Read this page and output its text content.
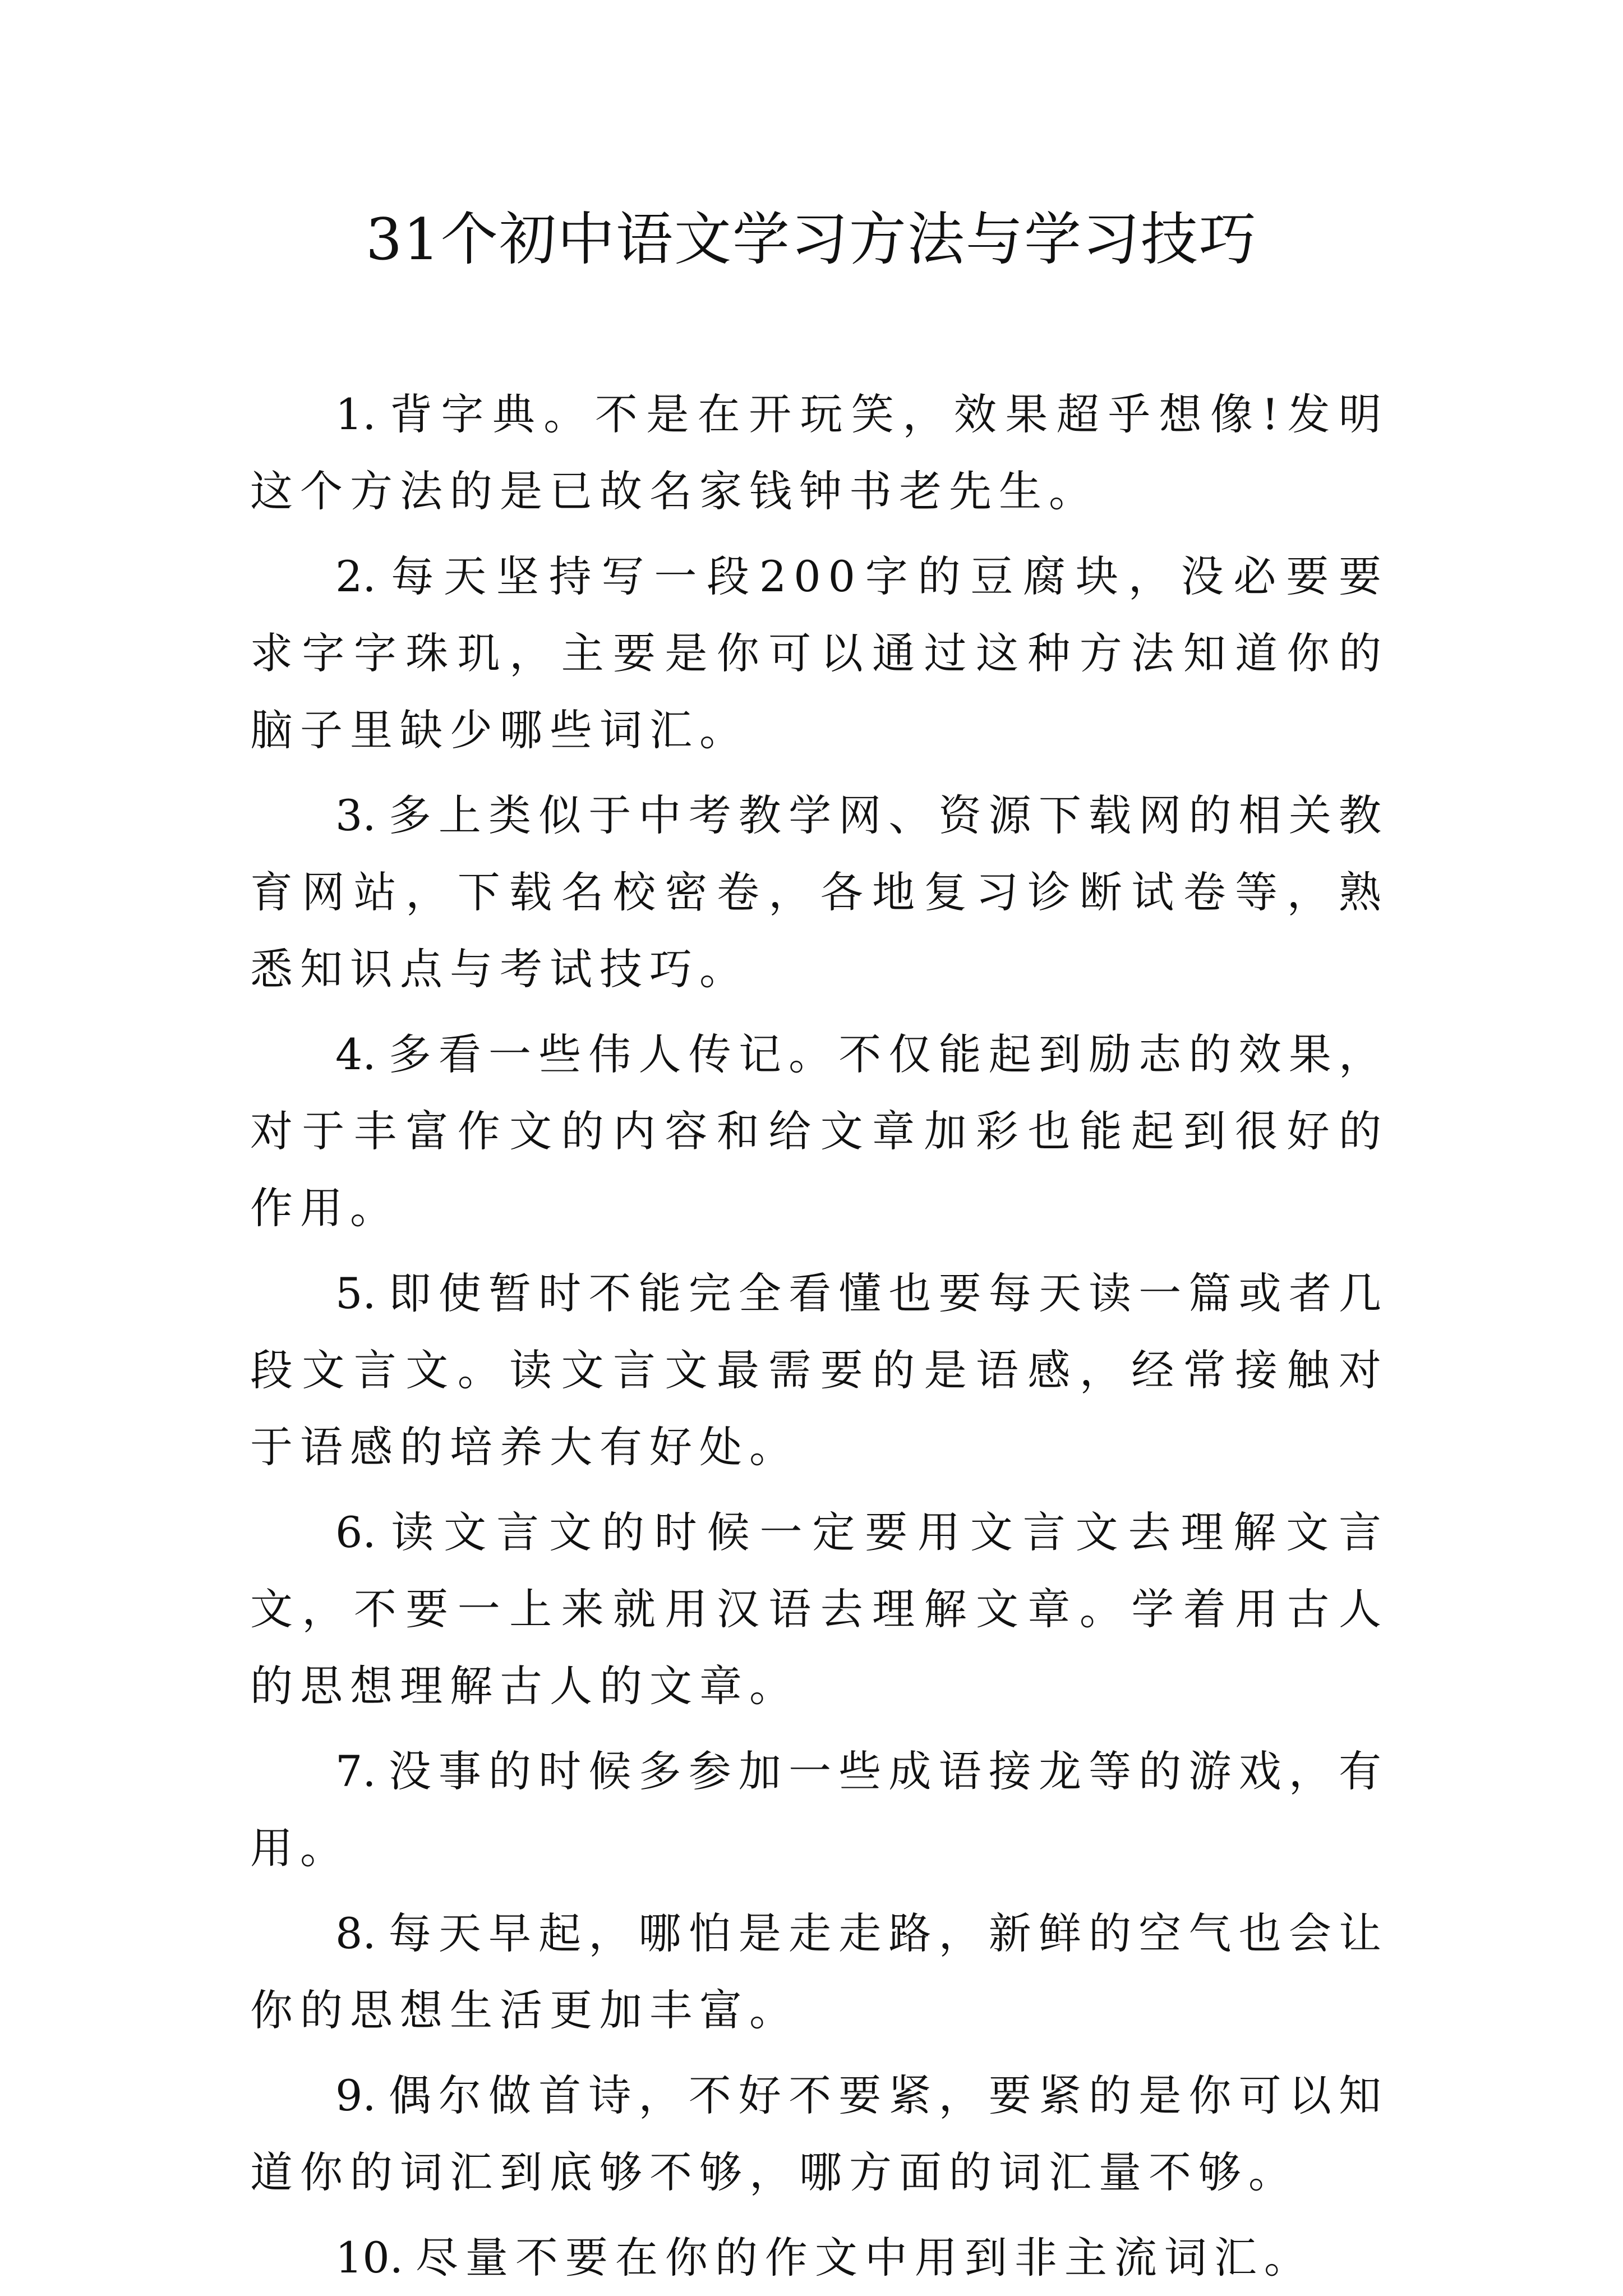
31个初中语文学习方法与学习技巧

1. 背字典。不是在开玩笑，效果超乎想像!发明这个方法的是已故名家钱钟书老先生。

2. 每天坚持写一段200字的豆腐块，没必要要求字字珠玑，主要是你可以通过这种方法知道你的脑子里缺少哪些词汇。

3. 多上类似于中考教学网、资源下载网的相关教育网站，下载名校密卷，各地复习诊断试卷等，熟悉知识点与考试技巧。

4. 多看一些伟人传记。不仅能起到励志的效果，对于丰富作文的内容和给文章加彩也能起到很好的作用。

5. 即使暂时不能完全看懂也要每天读一篇或者几段文言文。读文言文最需要的是语感，经常接触对于语感的培养大有好处。

6. 读文言文的时候一定要用文言文去理解文言文，不要一上来就用汉语去理解文章。学着用古人的思想理解古人的文章。

7. 没事的时候多参加一些成语接龙等的游戏，有用。

8. 每天早起，哪怕是走走路，新鲜的空气也会让你的思想生活更加丰富。

9. 偶尔做首诗，不好不要紧，要紧的是你可以知道你的词汇到底够不够，哪方面的词汇量不够。

10. 尽量不要在你的作文中用到非主流词汇。
